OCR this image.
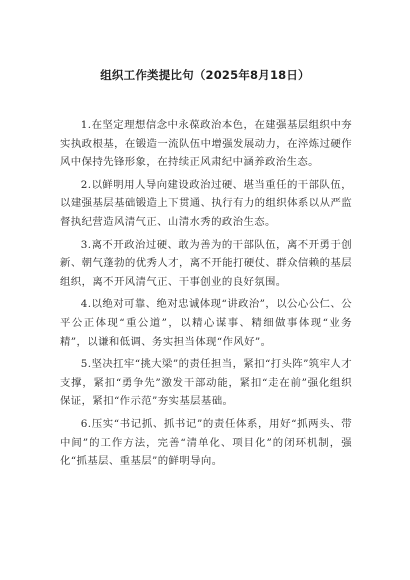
组织工作类提比句（2025年8月18日）

1.在坚定理想信念中永葆政治本色，在建强基层组织中夯实执政根基，在锻造一流队伍中增强发展动力，在淬炼过硬作风中保持先锋形象，在持续正风肃纪中涵养政治生态。

2.以鲜明用人导向建设政治过硬、堪当重任的干部队伍，以建强基层基础锻造上下贯通、执行有力的组织体系以从严监督执纪营造风清气正、山清水秀的政治生态。

3.离不开政治过硬、敢为善为的干部队伍，离不开勇于创新、朝气蓬勃的优秀人才，离不开能打硬仗、群众信赖的基层组织，离不开风清气正、干事创业的良好氛围。

4.以绝对可靠、绝对忠诚体现“讲政治”，以公心公仁、公平公正体现“重公道”，以精心谋事、精细做事体现“业务精”，以谦和低调、务实担当体现“作风好”。

5.坚决扛牢“挑大梁”的责任担当，紧扣“打头阵”筑牢人才支撑，紧扣“勇争先”激发干部动能，紧扣“走在前”强化组织保证，紧扣“作示范”夯实基层基础。

6.压实“书记抓、抓书记”的责任体系，用好“抓两头、带中间”的工作方法，完善“清单化、项目化”的闭环机制，强化“抓基层、重基层”的鲜明导向。
